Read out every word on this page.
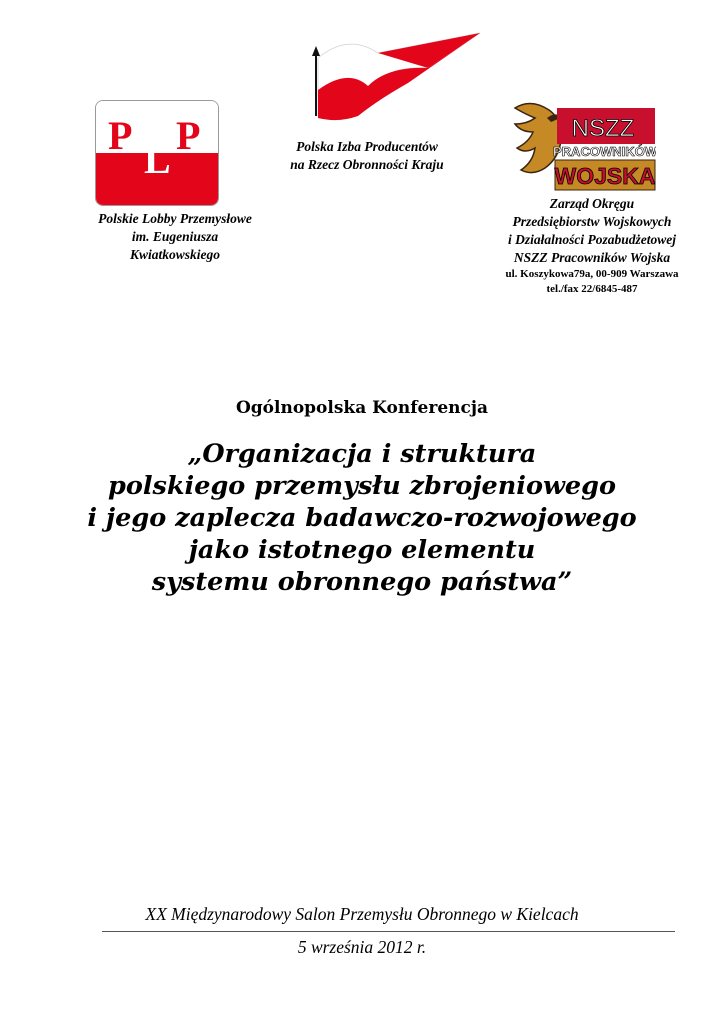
P
L
P
Polskie Lobby Przemysłowe
im. Eugeniusza
Kwiatkowskiego
Polska Izba Producentów
na Rzecz Obronności Kraju
NSZZ
PRACOWNIKÓW
WOJSKA
Zarząd Okręgu
Przedsiębiorstw Wojskowych
i Działalności Pozabudżetowej
NSZZ Pracowników Wojska
ul. Koszykowa79a, 00-909 Warszawa
tel./fax 22/6845-487
Ogólnopolska Konferencja
„Organizacja i struktura
polskiego przemysłu zbrojeniowego
i jego zaplecza badawczo-rozwojowego
jako istotnego elementu
systemu obronnego państwa”
XX Międzynarodowy Salon Przemysłu Obronnego w Kielcach
5 września 2012 r.
